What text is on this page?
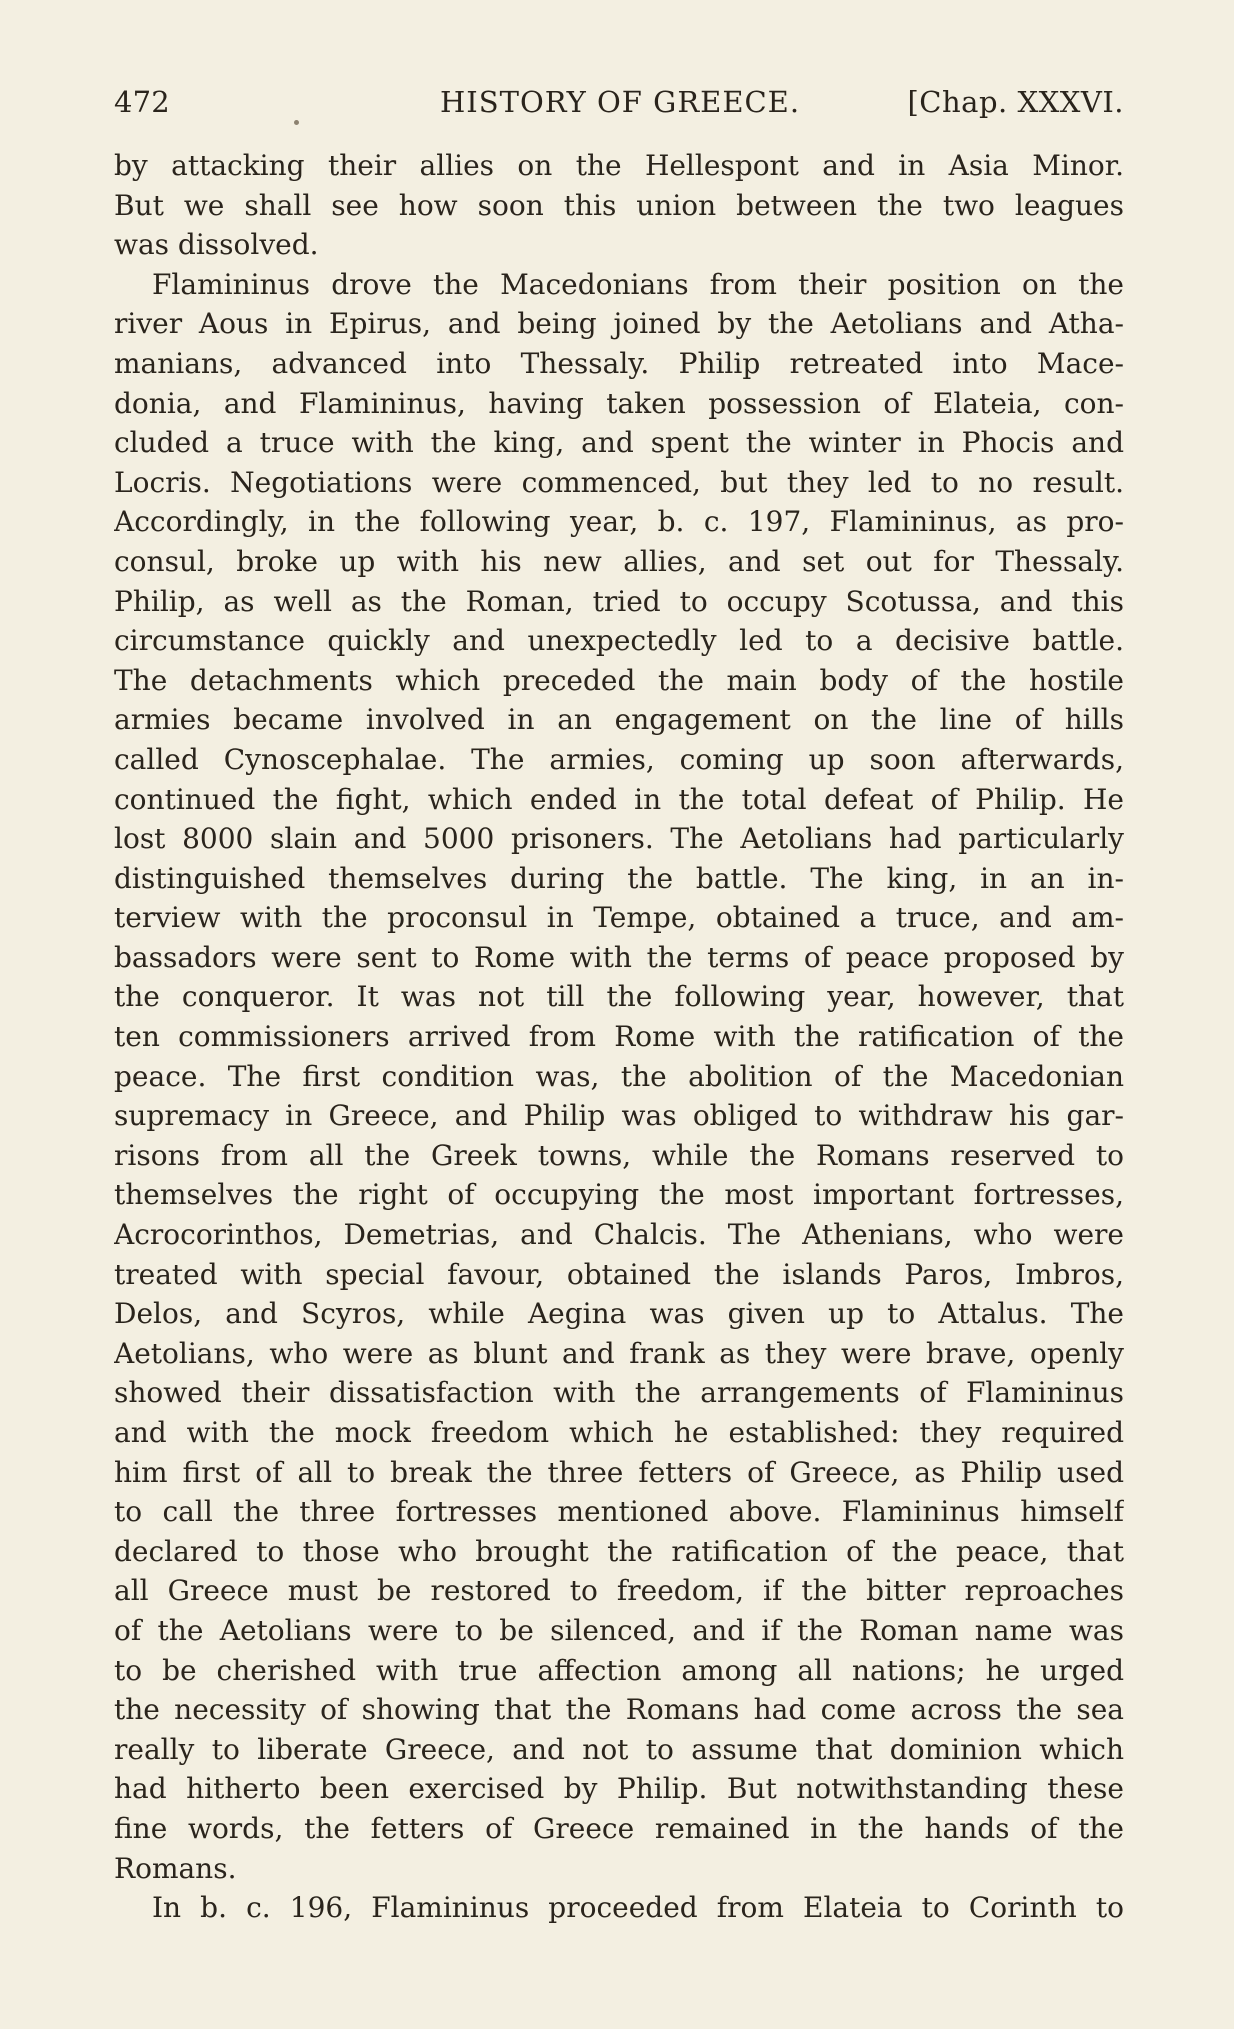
472	HISTORY OF GREECE.	[Chap. XXXVI.
by attacking their allies on the Hellespont and in Asia Minor.
But we shall see how soon this union between the two leagues
was dissolved.
Flamininus drove the Macedonians from their position on the
river Aous in Epirus, and being joined by the Aetolians and Atha-
manians, advanced into Thessaly. Philip retreated into Mace-
donia, and Flamininus, having taken possession of Elateia, con-
cluded a truce with the king, and spent the winter in Phocis and
Locris. Negotiations were commenced, but they led to no result.
Accordingly, in the following year, b. c. 197, Flamininus, as pro-
consul, broke up with his new allies, and set out for Thessaly.
Philip, as well as the Roman, tried to occupy Scotussa, and this
circumstance quickly and unexpectedly led to a decisive battle.
The detachments which preceded the main body of the hostile
armies became involved in an engagement on the line of hills
called Cynoscephalae. The armies, coming up soon afterwards,
continued the fight, which ended in the total defeat of Philip. He
lost 8000 slain and 5000 prisoners. The Aetolians had particularly
distinguished themselves during the battle. The king, in an in-
terview with the proconsul in Tempe, obtained a truce, and am-
bassadors were sent to Rome with the terms of peace proposed by
the conqueror. It was not till the following year, however, that
ten commissioners arrived from Rome with the ratification of the
peace. The first condition was, the abolition of the Macedonian
supremacy in Greece, and Philip was obliged to withdraw his gar-
risons from all the Greek towns, while the Romans reserved to
themselves the right of occupying the most important fortresses,
Acrocorinthos, Demetrias, and Chalcis. The Athenians, who were
treated with special favour, obtained the islands Paros, Imbros,
Delos, and Scyros, while Aegina was given up to Attalus. The
Aetolians, who were as blunt and frank as they were brave, openly
showed their dissatisfaction with the arrangements of Flamininus
and with the mock freedom which he established: they required
him first of all to break the three fetters of Greece, as Philip used
to call the three fortresses mentioned above. Flamininus himself
declared to those who brought the ratification of the peace, that
all Greece must be restored to freedom, if the bitter reproaches
of the Aetolians were to be silenced, and if the Roman name was
to be cherished with true affection among all nations; he urged
the necessity of showing that the Romans had come across the sea
really to liberate Greece, and not to assume that dominion which
had hitherto been exercised by Philip. But notwithstanding these
fine words, the fetters of Greece remained in the hands of the
Romans.
In b. c. 196, Flamininus proceeded from Elateia to Corinth to
